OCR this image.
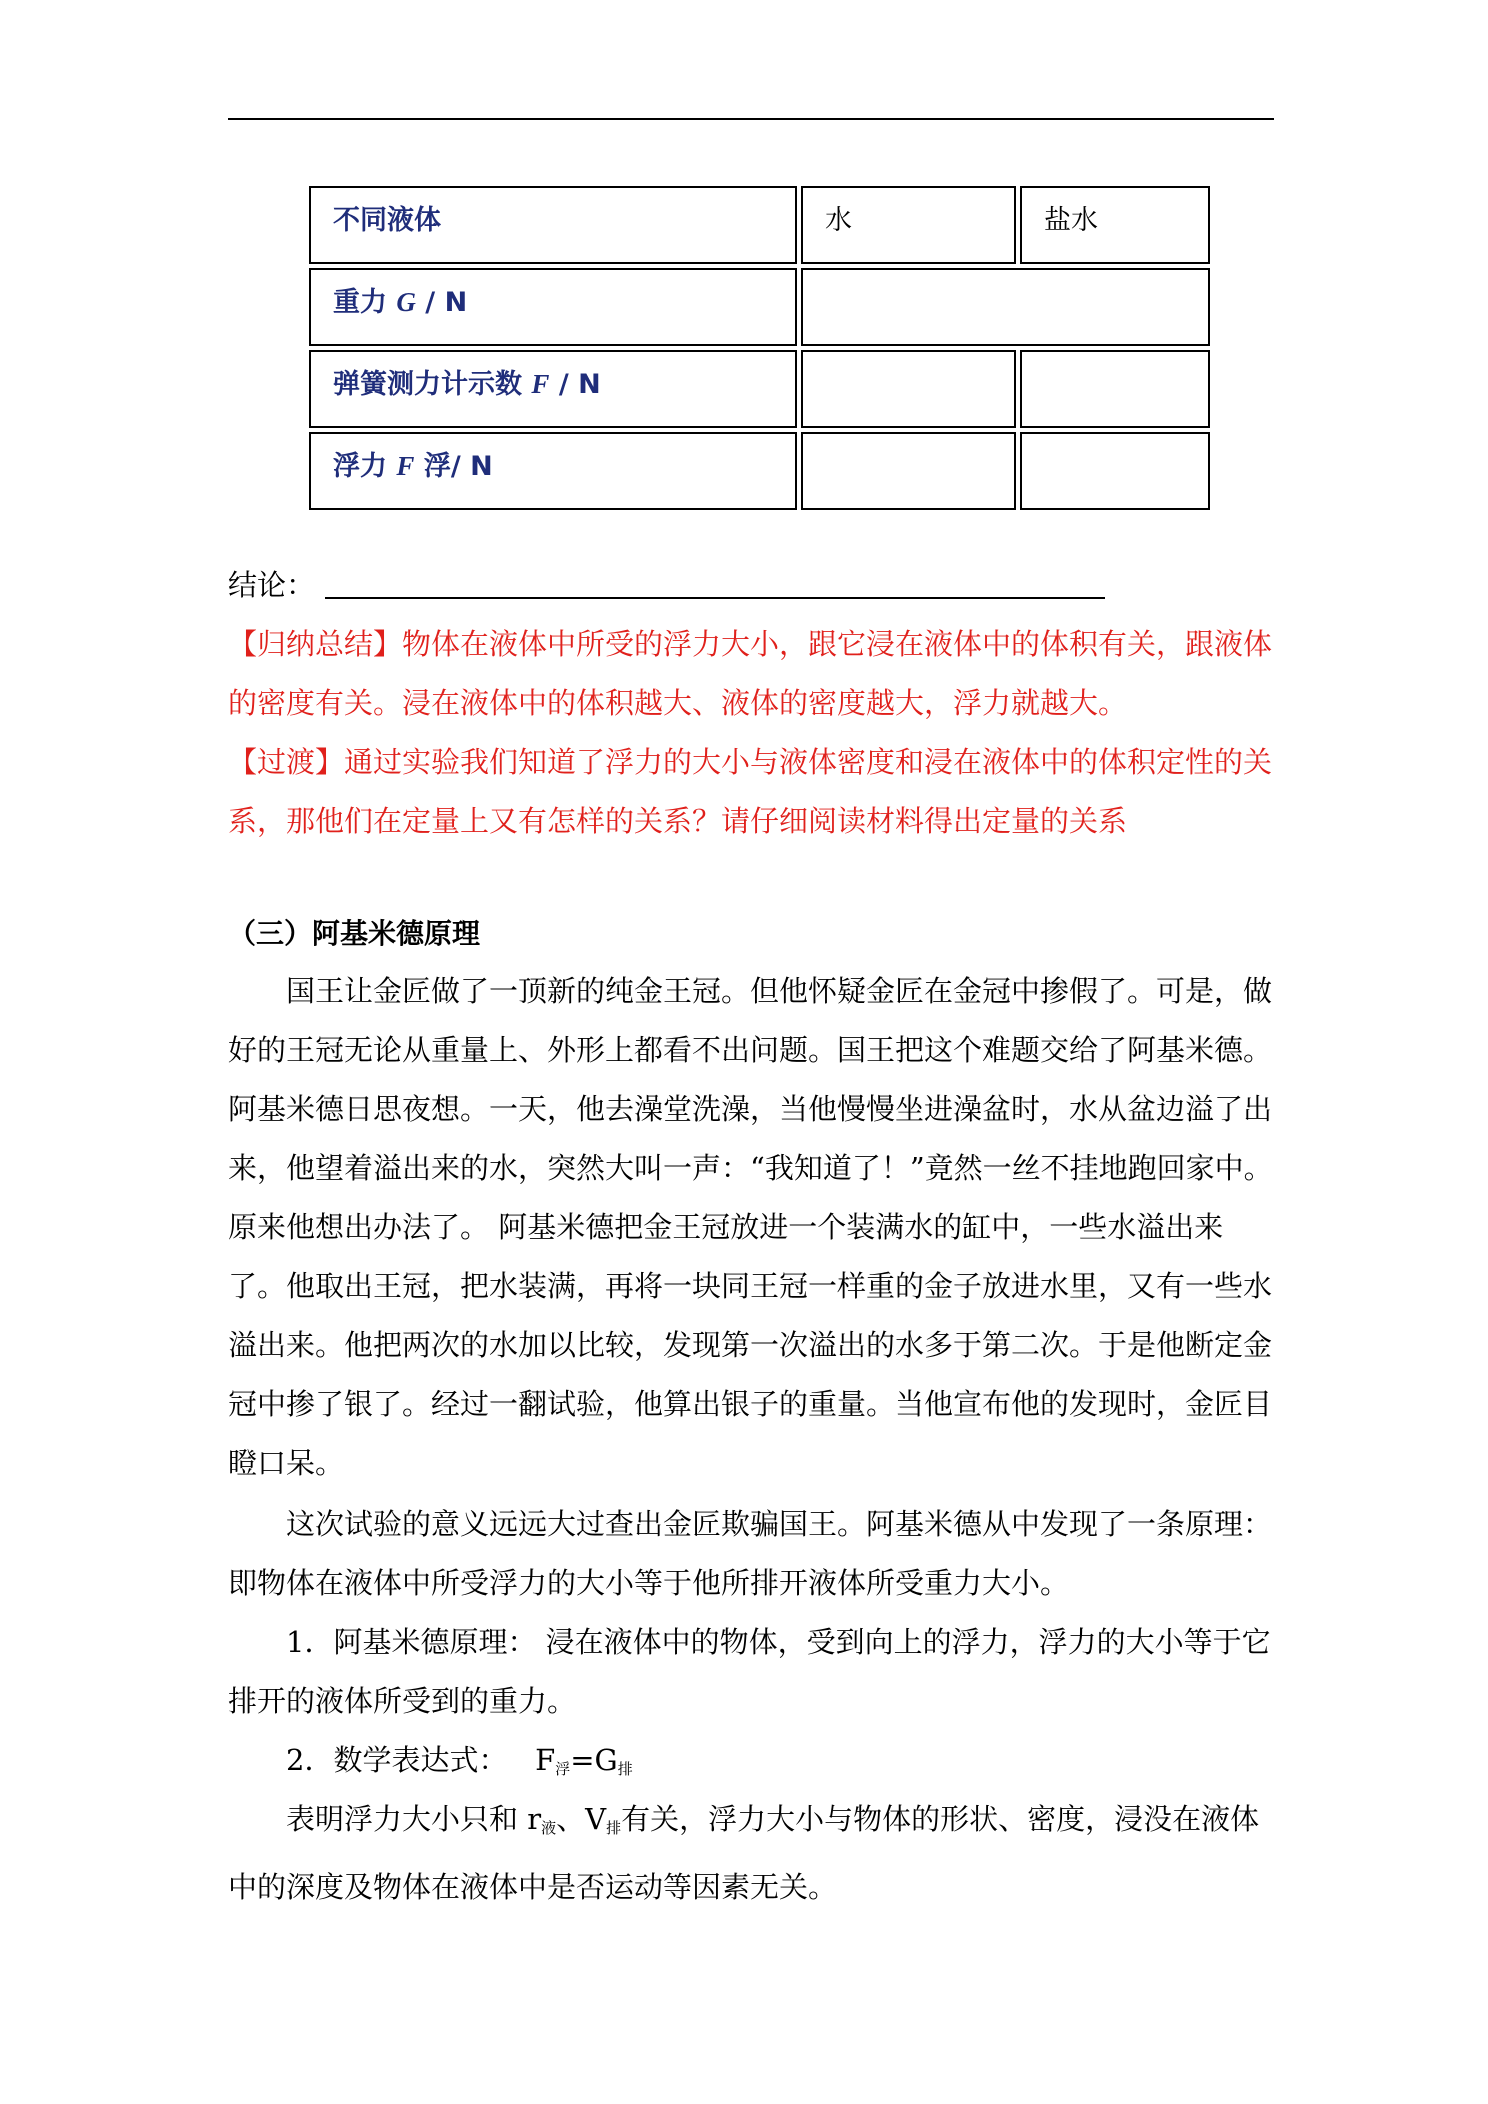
不同液体	水	盐水
重力 G / N		
弹簧测力计示数 F / N		
浮力 F 浮/ N		

结论：

【归纳总结】物体在液体中所受的浮力大小，跟它浸在液体中的体积有关，跟液体的密度有关。浸在液体中的体积越大、液体的密度越大，浮力就越大。

【过渡】通过实验我们知道了浮力的大小与液体密度和浸在液体中的体积定性的关系，那他们在定量上又有怎样的关系？请仔细阅读材料得出定量的关系

（三）阿基米德原理

国王让金匠做了一顶新的纯金王冠。但他怀疑金匠在金冠中掺假了。可是，做好的王冠无论从重量上、外形上都看不出问题。国王把这个难题交给了阿基米德。 阿基米德日思夜想。一天，他去澡堂洗澡，当他慢慢坐进澡盆时，水从盆边溢了出来，他望着溢出来的水，突然大叫一声：“我知道了！”竟然一丝不挂地跑回家中。原来他想出办法了。 阿基米德把金王冠放进一个装满水的缸中，一些水溢出来了。他取出王冠，把水装满，再将一块同王冠一样重的金子放进水里，又有一些水溢出来。他把两次的水加以比较，发现第一次溢出的水多于第二次。于是他断定金冠中掺了银了。经过一翻试验，他算出银子的重量。当他宣布他的发现时，金匠目瞪口呆。

这次试验的意义远远大过查出金匠欺骗国王。阿基米德从中发现了一条原理：即物体在液体中所受浮力的大小等于他所排开液体所受重力大小。

1．阿基米德原理： 浸在液体中的物体，受到向上的浮力，浮力的大小等于它排开的液体所受到的重力。

2．数学表达式： $F_浮=G_排$

表明浮力大小只和 $r_液$、$V_排$有关，浮力大小与物体的形状、密度，浸没在液体中的深度及物体在液体中是否运动等因素无关。
